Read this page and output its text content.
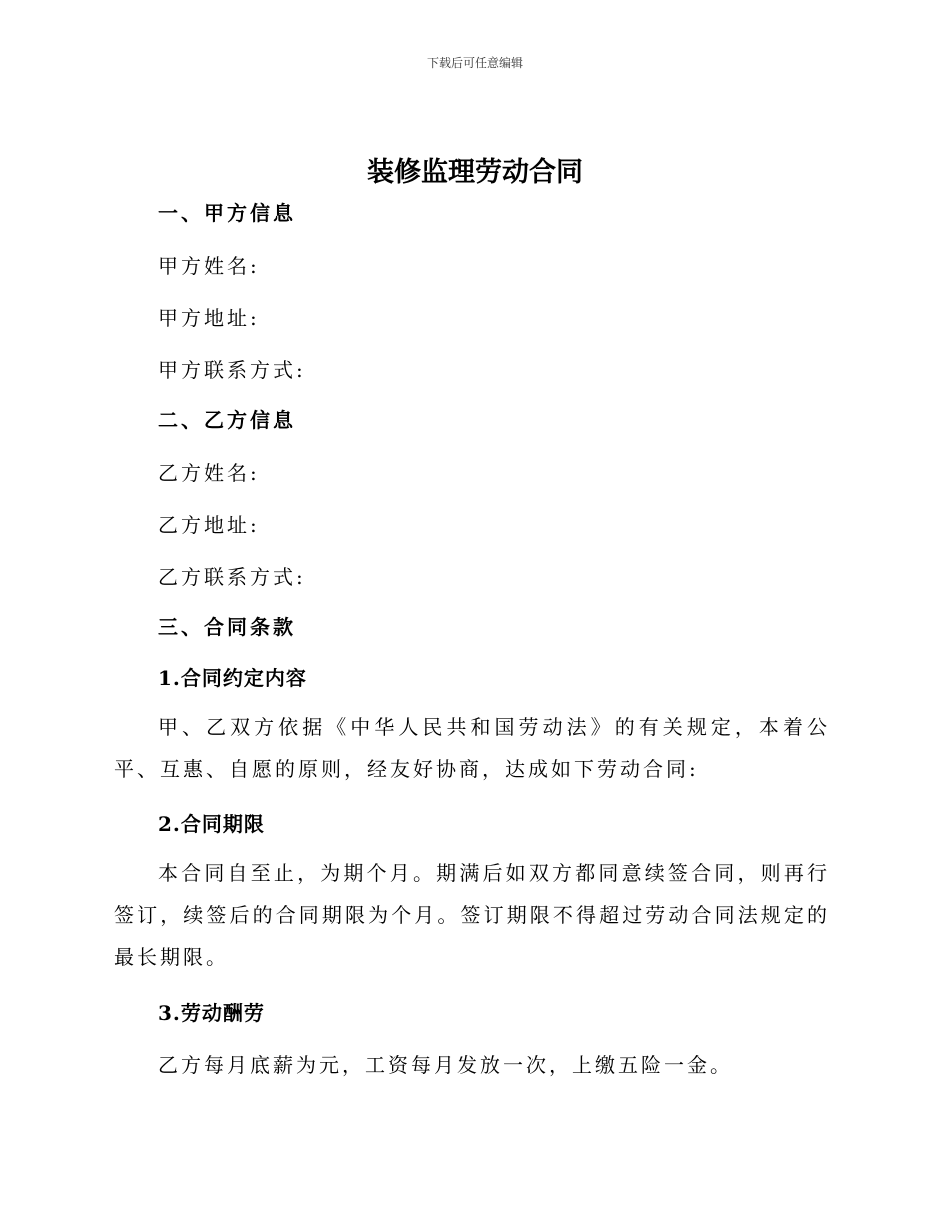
下载后可任意编辑
装修监理劳动合同

一、甲方信息

甲方姓名:

甲方地址:

甲方联系方式:

二、乙方信息

乙方姓名:

乙方地址:

乙方联系方式:

三、合同条款

1.合同约定内容

甲、乙双方依据《中华人民共和国劳动法》的有关规定，本着公平、互惠、自愿的原则，经友好协商，达成如下劳动合同:

2.合同期限

本合同自至止，为期个月。期满后如双方都同意续签合同，则再行签订，续签后的合同期限为个月。签订期限不得超过劳动合同法规定的最长期限。

3.劳动酬劳

乙方每月底薪为元，工资每月发放一次，上缴五险一金。
